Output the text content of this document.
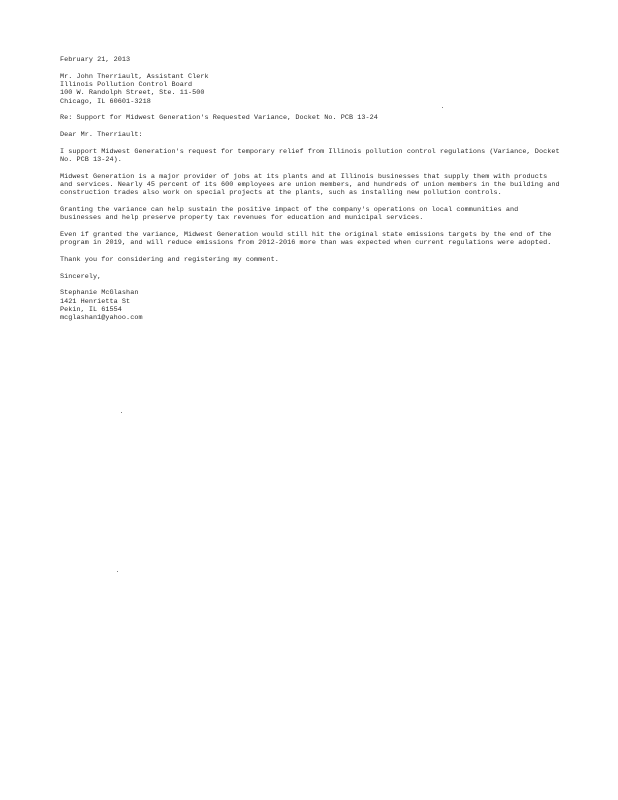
February 21, 2013
Mr. John Therriault, Assistant Clerk
Illinois Pollution Control Board
100 W. Randolph Street, Ste. 11-500
Chicago, IL 60601-3218
Re: Support for Midwest Generation's Requested Variance, Docket No. PCB 13-24
Dear Mr. Therriault:
I support Midwest Generation's request for temporary relief from Illinois pollution control regulations (Variance, Docket No. PCB 13-24).
Midwest Generation is a major provider of jobs at its plants and at Illinois businesses that supply them with products and services. Nearly 45 percent of its 600 employees are union members, and hundreds of union members in the building and construction trades also work on special projects at the plants, such as installing new pollution controls.
Granting the variance can help sustain the positive impact of the company's operations on local communities and businesses and help preserve property tax revenues for education and municipal services.
Even if granted the variance, Midwest Generation would still hit the original state emissions targets by the end of the program in 2019, and will reduce emissions from 2012-2016 more than was expected when current regulations were adopted.
Thank you for considering and registering my comment.
Sincerely,
Stephanie McGlashan
1421 Henrietta St
Pekin, IL 61554
mcglashan1@yahoo.com
